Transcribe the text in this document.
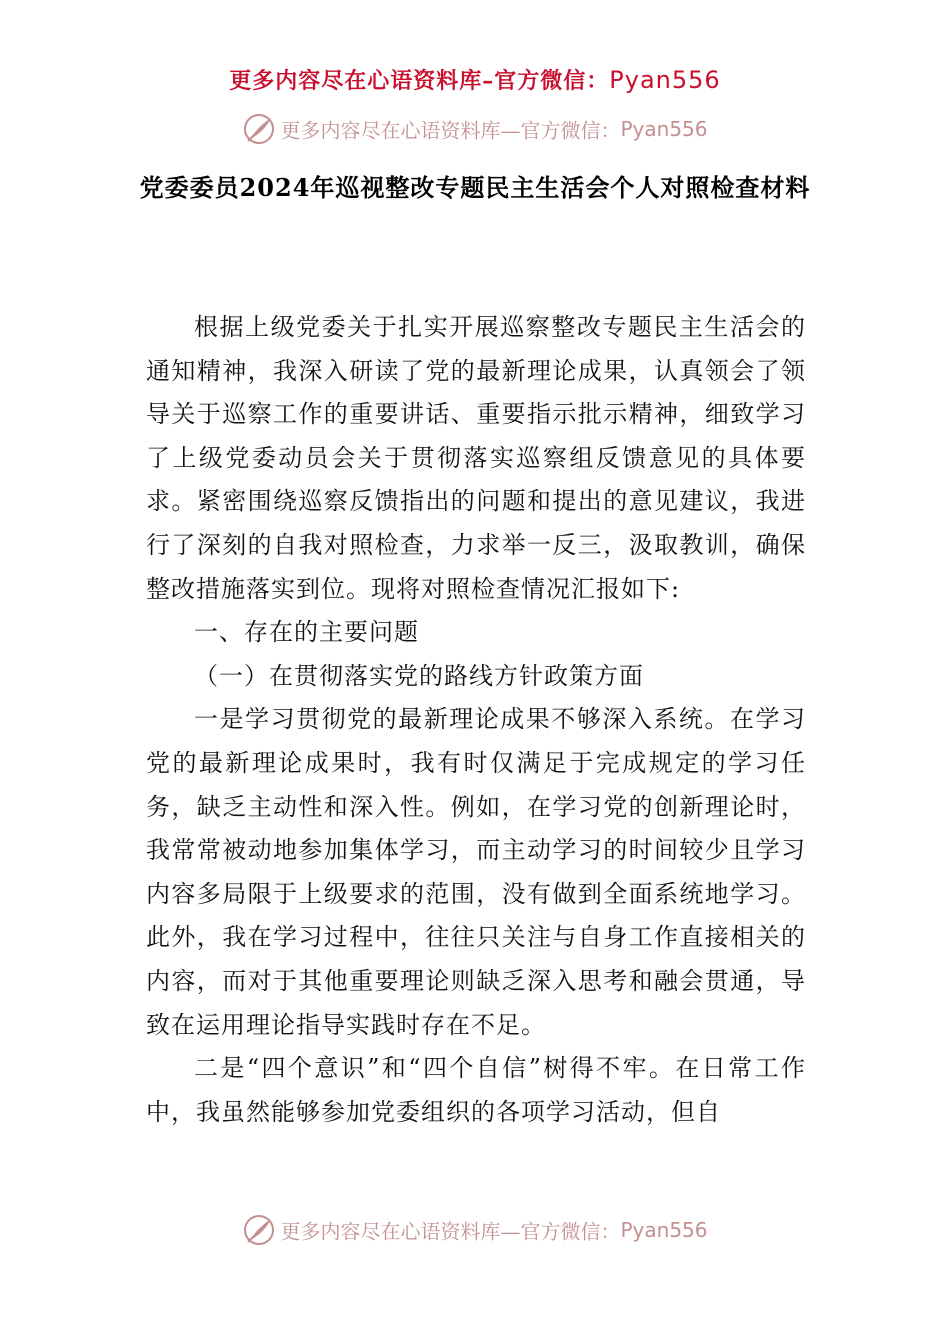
更多内容尽在心语资料库–官方微信：Pyan556
更多内容尽在心语资料库—官方微信：Pyan556
党委委员2024年巡视整改专题民主生活会个人对照检查材料

根据上级党委关于扎实开展巡察整改专题民主生活会的通知精神，我深入研读了党的最新理论成果，认真领会了领导关于巡察工作的重要讲话、重要指示批示精神，细致学习了上级党委动员会关于贯彻落实巡察组反馈意见的具体要求。紧密围绕巡察反馈指出的问题和提出的意见建议，我进行了深刻的自我对照检查，力求举一反三，汲取教训，确保整改措施落实到位。现将对照检查情况汇报如下:

一、存在的主要问题

（一）在贯彻落实党的路线方针政策方面

一是学习贯彻党的最新理论成果不够深入系统。在学习党的最新理论成果时，我有时仅满足于完成规定的学习任务，缺乏主动性和深入性。例如，在学习党的创新理论时，我常常被动地参加集体学习，而主动学习的时间较少且学习内容多局限于上级要求的范围，没有做到全面系统地学习。此外，我在学习过程中，往往只关注与自身工作直接相关的内容，而对于其他重要理论则缺乏深入思考和融会贯通，导致在运用理论指导实践时存在不足。

二是“四个意识”和“四个自信”树得不牢。在日常工作中，我虽然能够参加党委组织的各项学习活动，但自

更多内容尽在心语资料库—官方微信：Pyan556
